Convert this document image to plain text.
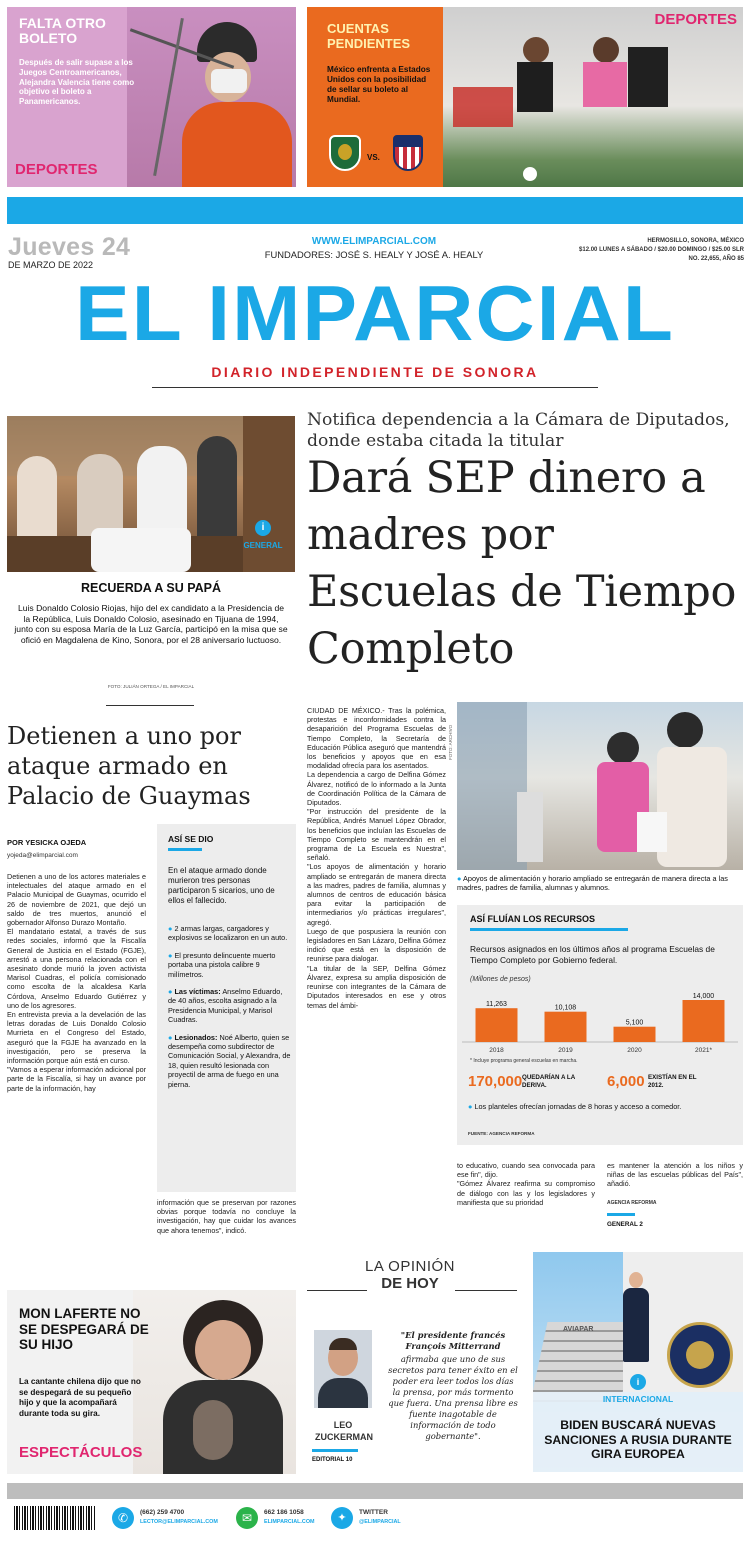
FALTA OTRO BOLETO
Después de salir supase a los Juegos Centroamericanos, Alejandra Valencia tiene como objetivo el boleto a Panamericanos.
DEPORTES
CUENTAS PENDIENTES
México enfrenta a Estados Unidos con la posibilidad de sellar su boleto al Mundial.
VS.
DEPORTES
Jueves 24
DE MARZO DE 2022
WWW.ELIMPARCIAL.COM
FUNDADORES: JOSÉ S. HEALY Y JOSÉ A. HEALY
HERMOSILLO, SONORA, MÉXICO
$12.00 LUNES A SÁBADO / $20.00 DOMINGO / $25.00 SLR
NO. 22,655, AÑO 85
EL IMPARCIAL
DIARIO INDEPENDIENTE DE SONORA
i
GENERAL
RECUERDA A SU PAPÁ
Luis Donaldo Colosio Riojas, hijo del ex candidato a la Presidencia de la República, Luis Donaldo Colosio, asesinado en Tijuana de 1994, junto con su esposa María de la Luz García, participó en la misa que se ofició en Magdalena de Kino, Sonora, por el 28 aniversario luctuoso.
FOTO: JULIÁN ORTEGA / EL IMPARCIAL
Notifica dependencia a la Cámara de Diputados, donde estaba citada la titular
Dará SEP dinero a madres por Escuelas de Tiempo Completo
CIUDAD DE MÉXICO.- Tras la polémica, protestas e inconformidades contra la desaparición del Programa Escuelas de Tiempo Completo, la Secretaría de Educación Pública aseguró que mantendrá los beneficios y apoyos que en esa modalidad ofrecía para los asentados.
La dependencia a cargo de Delfina Gómez Álvarez, notificó de lo informado a la Junta de Coordinación Política de la Cámara de Diputados.
"Por instrucción del presidente de la República, Andrés Manuel López Obrador, los beneficios que incluían las Escuelas de Tiempo Completo se mantendrán en el programa de La Escuela es Nuestra", señaló.
"Los apoyos de alimentación y horario ampliado se entregarán de manera directa a las madres, padres de familia, alumnas y alumnos de centros de educación básica para evitar la participación de intermediarios y/o prácticas irregulares", agregó.
Luego de que pospusiera la reunión con legisladores en San Lázaro, Delfina Gómez indicó que está en la disposición de reunirse para dialogar.
"La titular de la SEP, Delfina Gómez Álvarez, expresa su amplia disposición de reunirse con integrantes de la Cámara de Diputados interesados en ese y otros temas del ámbi-
FOTO: ARCHIVO
● Apoyos de alimentación y horario ampliado se entregarán de manera directa a las madres, padres de familia, alumnas y alumnos.
ASÍ FLUÍAN LOS RECURSOS
Recursos asignados en los últimos años al programa Escuelas de Tiempo Completo por Gobierno federal.
(Millones de pesos)
11,263
2018
10,108
2019
5,100
2020
14,000
2021*
* Incluye programa general escuelas en marcha.
170,000 QUEDARÍAN A LA DERIVA.	6,000 EXISTÍAN EN EL 2012.
● Los planteles ofrecían jornadas de 8 horas y acceso a comedor.
FUENTE: AGENCIA REFORMA
to educativo, cuando sea convocada para ese fin", dijo.
"Gómez Álvarez reafirma su compromiso de diálogo con las y los legisladores y manifiesta que su prioridad
es mantener la atención a los niños y niñas de las escuelas públicas del País", añadió.
AGENCIA REFORMA
GENERAL 2
Detienen a uno por ataque armado en Palacio de Guaymas
POR YESICKA OJEDA
yojeda@elimparcial.com
Detienen a uno de los actores materiales e intelectuales del ataque armado en el Palacio Municipal de Guaymas, ocurrido el 26 de noviembre de 2021, que dejó un saldo de tres muertos, anunció el gobernador Alfonso Durazo Montaño.
El mandatario estatal, a través de sus redes sociales, informó que la Fiscalía General de Justicia en el Estado (FGJE), arrestó a una persona relacionada con el asesinato donde murió la joven activista Marisol Cuadras, el policía comisionado como escolta de la alcaldesa Karla Córdova, Anselmo Eduardo Gutiérrez y uno de los agresores.
En entrevista previa a la develación de las letras doradas de Luis Donaldo Colosio Murrieta en el Congreso del Estado, aseguró que la FGJE ha avanzado en la investigación, pero se preserva la información porque aún está en curso.
"Vamos a esperar información adicional por parte de la Fiscalía, si hay un avance por parte de la información, hay
ASÍ SE DIO
En el ataque armado donde murieron tres personas participaron 5 sicarios, uno de ellos el fallecido.
● 2 armas largas, cargadores y explosivos se localizaron en un auto.
● El presunto delincuente muerto portaba una pistola calibre 9 milímetros.
● Las víctimas: Anselmo Eduardo, de 40 años, escolta asignado a la Presidencia Municipal, y Marisol Cuadras.
● Lesionados: Noé Alberto, quien se desempeña como subdirector de Comunicación Social, y Alexandra, de 18, quien resultó lesionada con proyectil de arma de fuego en una pierna.
información que se preservan por razones obvias porque todavía no concluye la investigación, hay que cuidar los avances que ahora tenemos", indicó.
LA OPINIÓN
DE HOY
LEO
ZUCKERMAN
EDITORIAL 10
"El presidente francés François Mitterrand
afirmaba que uno de sus secretos para tener éxito en el poder era leer todos los días la prensa, por más tormento que fuera. Una prensa libre es fuente inagotable de información de todo gobernante".
MON LAFERTE NO SE DESPEGARÁ DE SU HIJO
La cantante chilena dijo que no se despegará de su pequeño hijo y que la acompañará durante toda su gira.
ESPECTÁCULOS
AVIAPAR
i
INTERNACIONAL
BIDEN BUSCARÁ NUEVAS SANCIONES A RUSIA DURANTE GIRA EUROPEA
✆	(662) 259 4700
LECTOR@ELIMPARCIAL.COM	✉	662 186 1058
ELIMPARCIAL.COM	✦	TWITTER
@ELIMPARCIAL
